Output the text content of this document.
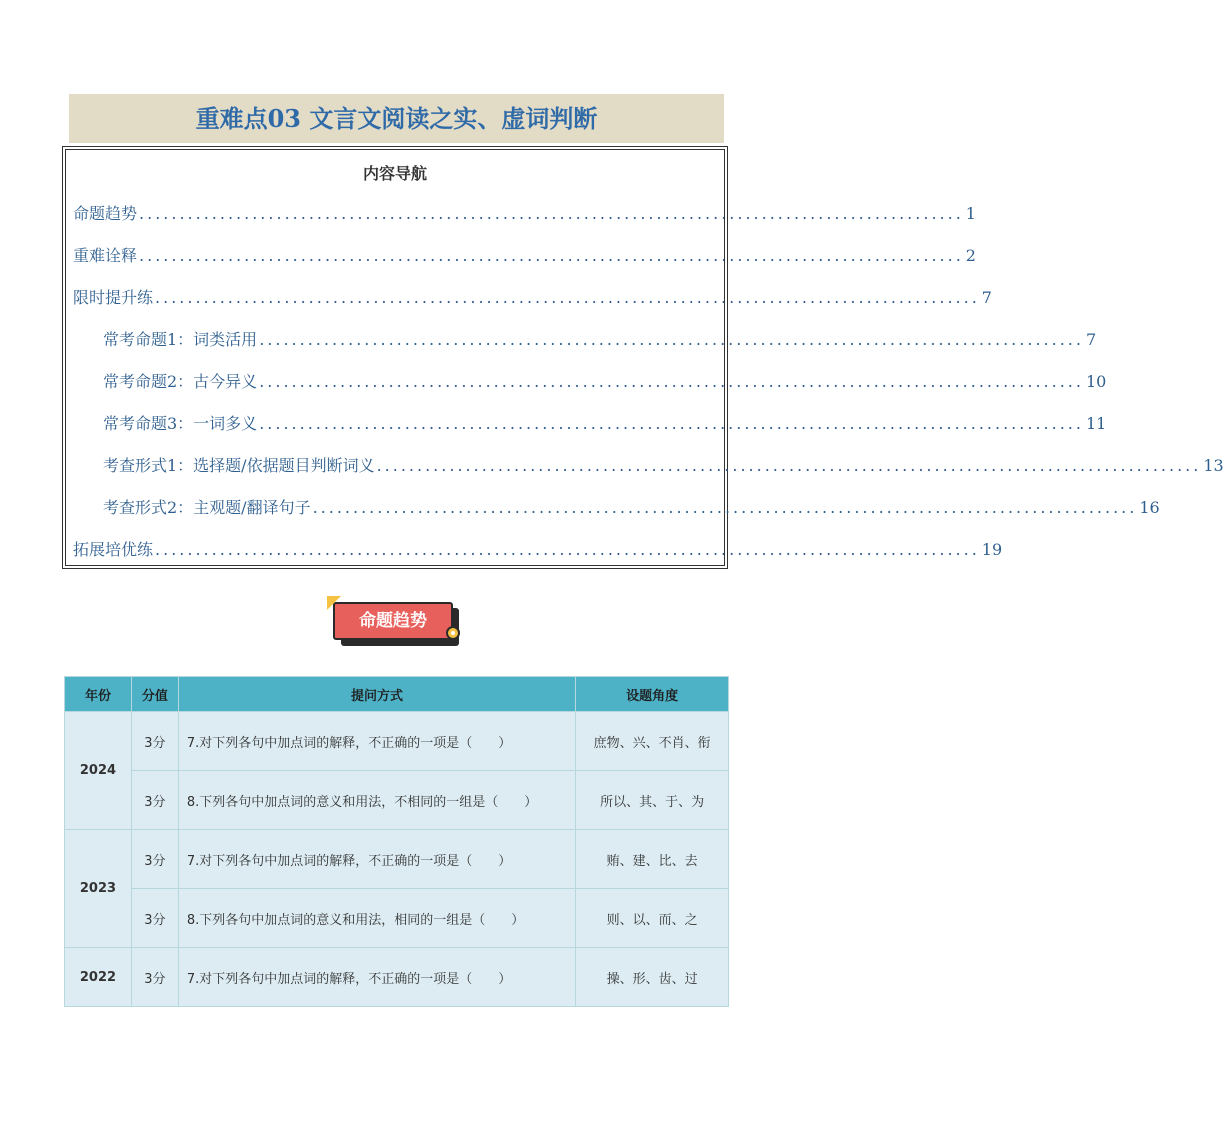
重难点03 文言文阅读之实、虚词判断
内容导航
命题趋势 ...................................................................................................... 1
重难诠释 ...................................................................................................... 2
限时提升练 ...................................................................................................... 7
常考命题1：词类活用 ...................................................................................................... 7
常考命题2：古今异义 ...................................................................................................... 10
常考命题3：一词多义 ...................................................................................................... 11
考查形式1：选择题/依据题目判断词义 ...................................................................................................... 13
考查形式2：主观题/翻译句子 ...................................................................................................... 16
拓展培优练 ...................................................................................................... 19
命题趋势
年份	分值	提问方式	设题角度
2024	3分	7.对下列各句中加点词的解释，不正确的一项是（　　）	庶物、兴、不肖、衔
	3分	8.下列各句中加点词的意义和用法，不相同的一组是（　　）	所以、其、于、为
2023	3分	7.对下列各句中加点词的解释，不正确的一项是（　　）	贿、建、比、去
	3分	8.下列各句中加点词的意义和用法，相同的一组是（　　）	则、以、而、之
2022	3分	7.对下列各句中加点词的解释，不正确的一项是（　　）	操、形、齿、过
